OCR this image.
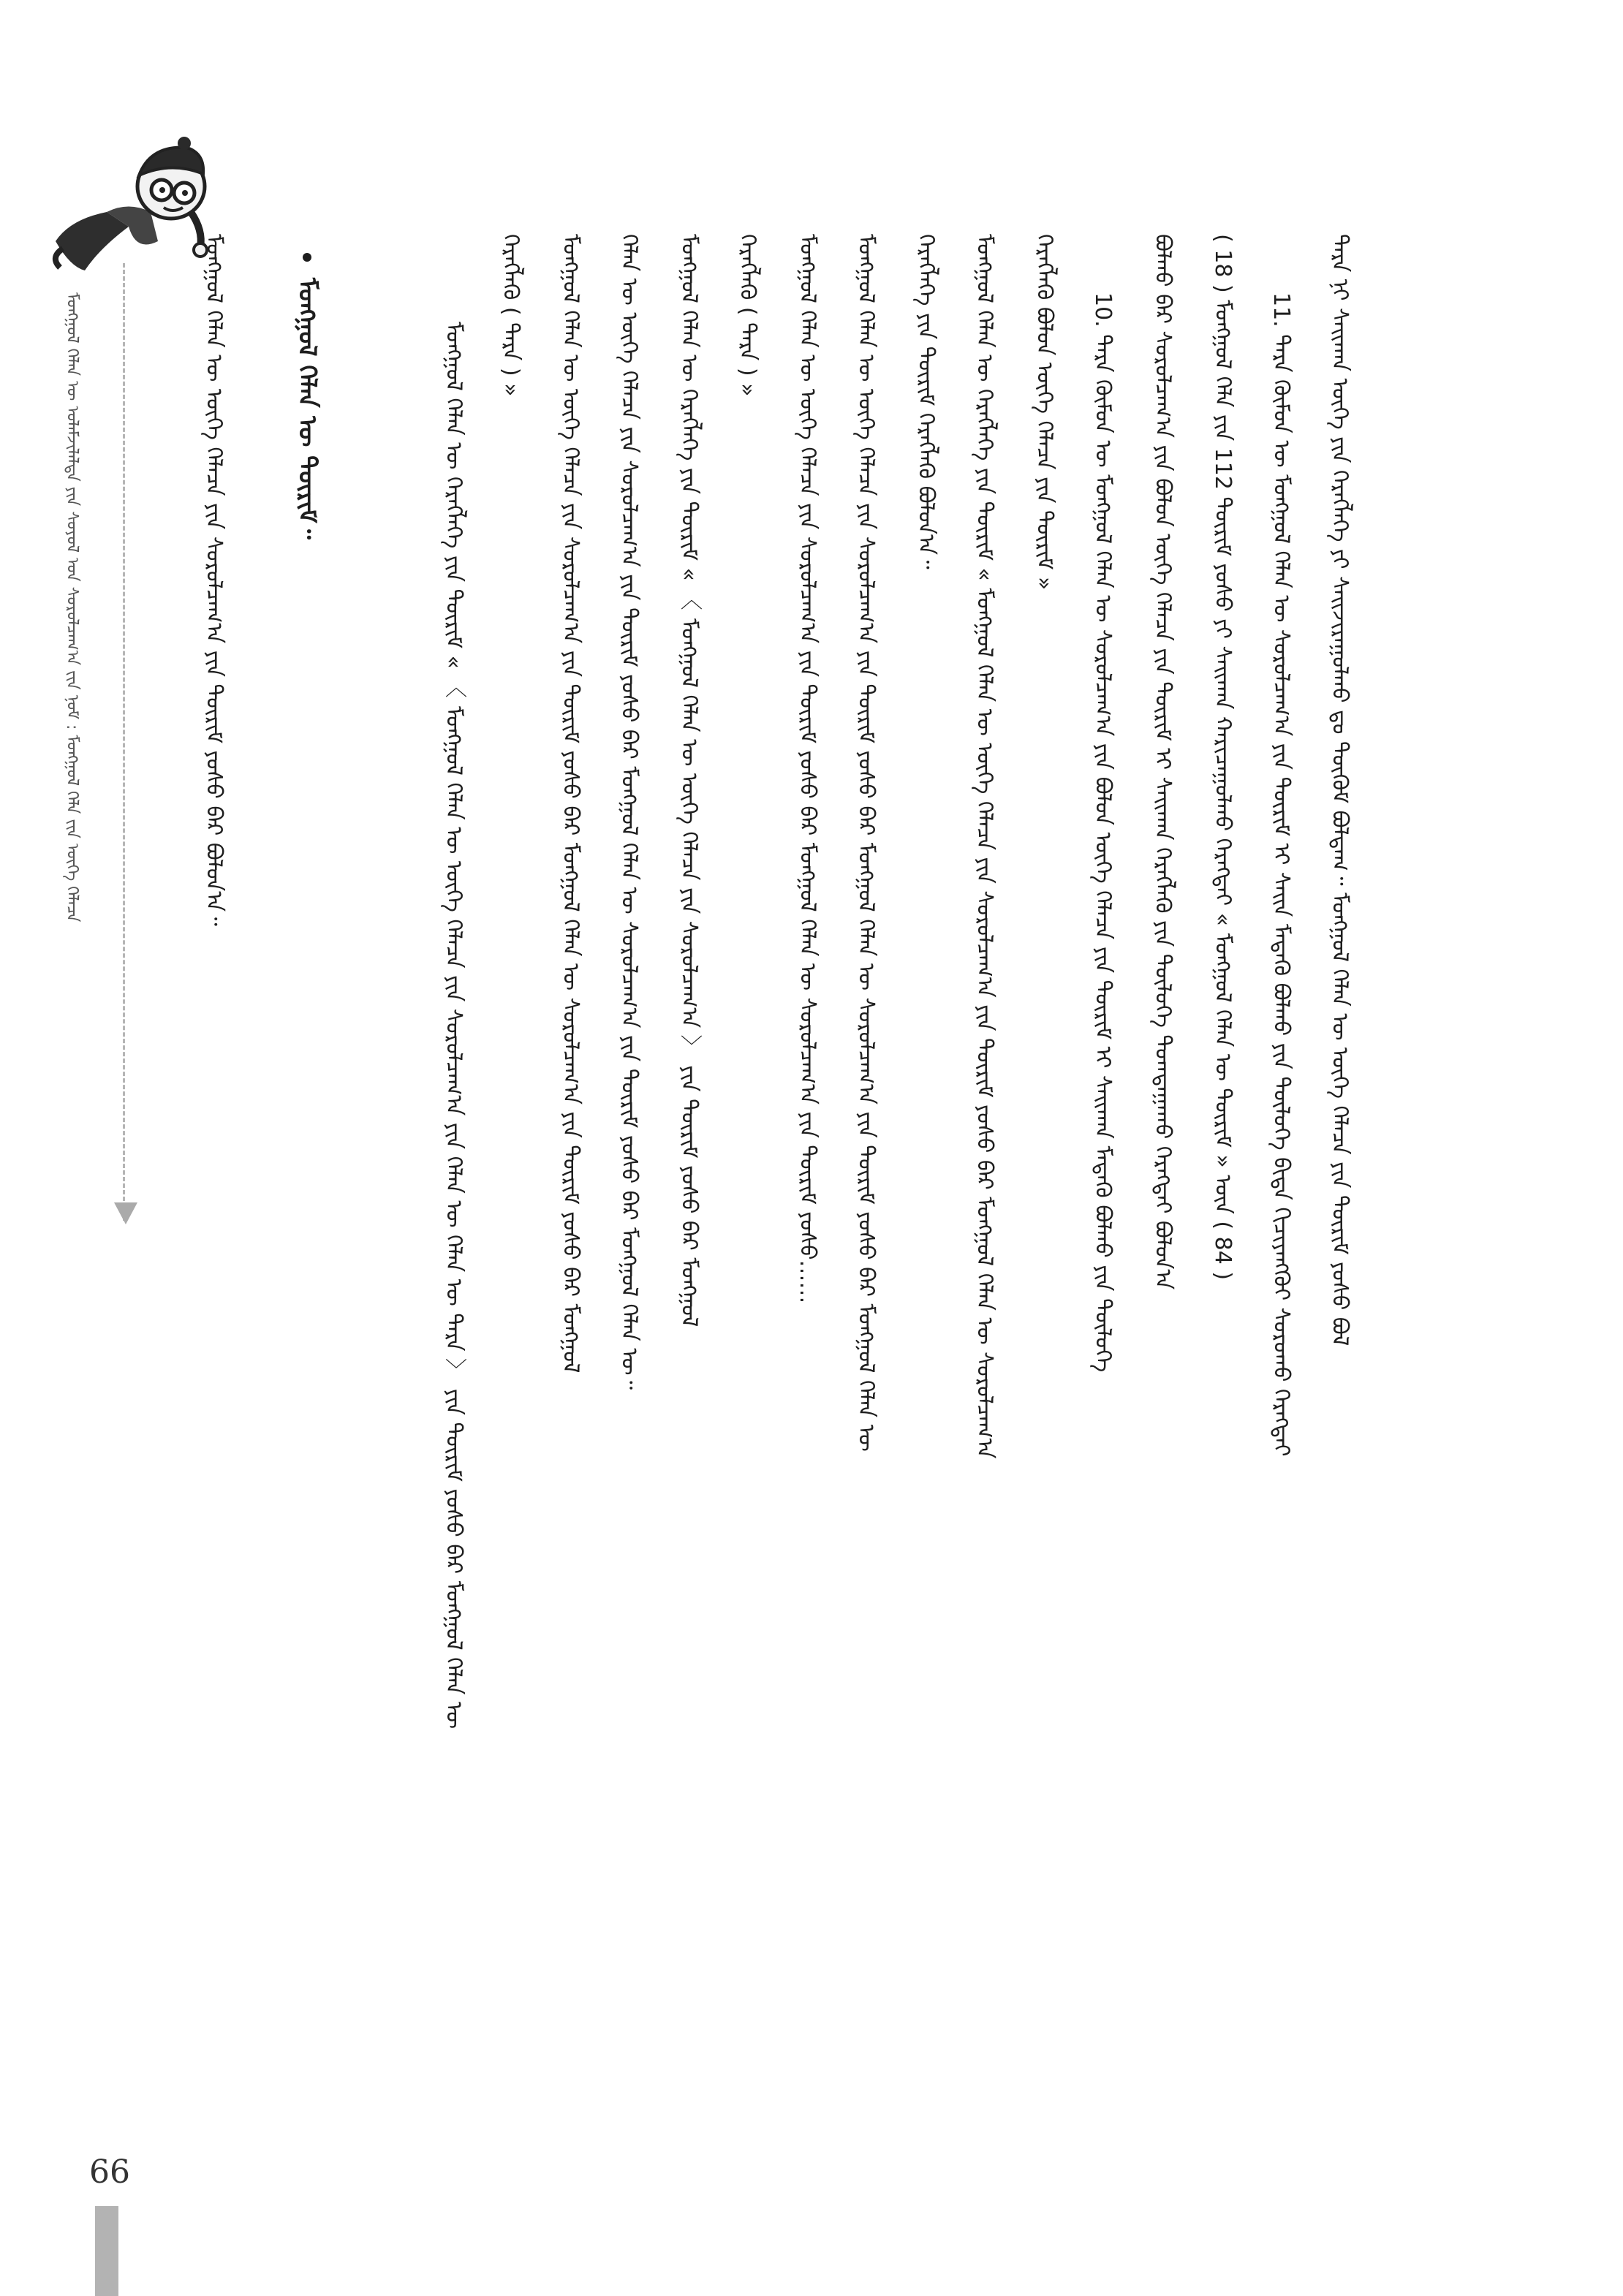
ᠮᠣᠩᠭᠣᠯ ᠬᠡᠯᠡᠨ ᠦ ᠤᠯᠠᠮᠵᠢᠯᠠᠯᠲᠠ ᠶᠢᠨ ᠰᠣᠶᠣᠯ ᠤᠨ ᠰᠤᠷᠤᠯᠴᠠᠭ᠎ᠠ ᠵᠢᠨ ᠨᠣᠮ : ᠮᠣᠩᠭᠣᠯ ᠬᠡᠯᠡ ᠵᠢᠨ ᠦᠭᠡ ᠬᠡᠯᠡᠴᠡ	ᠮᠣᠩᠭᠣᠯ ᠬᠡᠯᠡᠨ ᠦ ᠦᠭᠡ ᠬᠡᠯᠡᠴᠡ ᠶᠢᠨ ᠰᠤᠷᠤᠯᠴᠠᠭ᠎ᠠ ᠶᠢᠨ ᠳᠦᠷᠢᠮ ᠶᠣᠰᠣ ᠪᠠᠷ ᠪᠣᠯᠤᠨ᠎ᠠ᠃	ᠮᠣᠩᠭᠣᠯ ᠬᠡᠯᠡᠨ ᠦ ᠳᠦᠷᠢᠮ᠃	ᠮᠣᠩᠭᠣᠯ ᠬᠡᠯᠡᠨ ᠦ ᠬᠡᠷᠡᠭᠯᠡᠭᠡ ᠶᠢᠨ ᠳᠦᠷᠢᠮ « 〈 ᠮᠣᠩᠭᠣᠯ ᠬᠡᠯᠡᠨ ᠦ ᠦᠭᠡ ᠬᠡᠯᠡᠴᠡ ᠶᠢᠨ ᠰᠤᠷᠤᠯᠴᠠᠭ᠎ᠠ ᠶᠢᠨ ᠬᠡᠯᠡᠨ ᠦ ᠬᠡᠯᠡᠨ ᠦ ᠲᠡᠷᠡ 〉 ᠶᠢᠨ ᠳᠦᠷᠢᠮ ᠶᠣᠰᠣ ᠪᠠᠷ ᠮᠣᠩᠭᠣᠯ ᠬᠡᠯᠡᠨ ᠦ
ᠬᠡᠷᠡᠭᠯᠡᠬᠦ ( ᠲᠡᠷᠡ ) » ᠮᠣᠩᠭᠣᠯ ᠬᠡᠯᠡᠨ ᠦ ᠦᠭᠡ ᠬᠡᠯᠡᠴᠡ ᠶᠢᠨ ᠰᠤᠷᠤᠯᠴᠠᠭ᠎ᠠ ᠶᠢᠨ ᠳᠦᠷᠢᠮ ᠶᠣᠰᠣ ᠪᠠᠷ ᠮᠣᠩᠭᠣᠯ ᠬᠡᠯᠡᠨ ᠦ ᠰᠤᠷᠤᠯᠴᠠᠭ᠎ᠠ ᠶᠢᠨ ᠳᠦᠷᠢᠮ ᠶᠣᠰᠣ ᠪᠠᠷ ᠮᠣᠩᠭᠣᠯ ᠬᠡᠯᠡᠨ ᠦ ᠦᠭᠡ ᠬᠡᠯᠡᠴᠡ ᠶᠢᠨ ᠰᠤᠷᠤᠯᠴᠠᠭ᠎ᠠ ᠶᠢᠨ ᠳᠦᠷᠢᠮ ᠶᠣᠰᠣ ᠪᠠᠷ ᠮᠣᠩᠭᠣᠯ ᠬᠡᠯᠡᠨ ᠦ ᠰᠤᠷᠤᠯᠴᠠᠭ᠎ᠠ ᠶᠢᠨ ᠳᠦᠷᠢᠮ ᠶᠣᠰᠣ ᠪᠠᠷ ᠮᠣᠩᠭᠣᠯ ᠬᠡᠯᠡᠨ ᠦ᠃ ᠮᠣᠩᠭᠣᠯ ᠬᠡᠯᠡᠨ ᠦ ᠬᠡᠷᠡᠭᠯᠡᠭᠡ ᠶᠢᠨ ᠳᠦᠷᠢᠮ « 〈 ᠮᠣᠩᠭᠣᠯ ᠬᠡᠯᠡᠨ ᠦ ᠦᠭᠡ ᠬᠡᠯᠡᠴᠡ ᠶᠢᠨ ᠰᠤᠷᠤᠯᠴᠠᠭ᠎ᠠ 〉 ᠶᠢᠨ ᠳᠦᠷᠢᠮ ᠶᠣᠰᠣ ᠪᠠᠷ ᠮᠣᠩᠭᠣᠯ ᠬᠡᠷᠡᠭᠯᠡᠬᠦ ( ᠲᠡᠷᠡ ) » ᠮᠣᠩᠭᠣᠯ ᠬᠡᠯᠡᠨ ᠦ ᠦᠭᠡ ᠬᠡᠯᠡᠴᠡ ᠶᠢᠨ ᠰᠤᠷᠤᠯᠴᠠᠭ᠎ᠠ ᠶᠢᠨ ᠳᠦᠷᠢᠮ ᠶᠣᠰᠣ ᠪᠠᠷ ᠮᠣᠩᠭᠣᠯ ᠬᠡᠯᠡᠨ ᠦ ᠰᠤᠷᠤᠯᠴᠠᠭ᠎ᠠ ᠶᠢᠨ ᠳᠦᠷᠢᠮ ᠶᠣᠰᠣ…… ᠮᠣᠩᠭᠣᠯ ᠬᠡᠯᠡᠨ ᠦ ᠦᠭᠡ ᠬᠡᠯᠡᠴᠡ ᠶᠢᠨ ᠰᠤᠷᠤᠯᠴᠠᠭ᠎ᠠ ᠶᠢᠨ ᠳᠦᠷᠢᠮ ᠶᠣᠰᠣ ᠪᠠᠷ ᠮᠣᠩᠭᠣᠯ ᠬᠡᠯᠡᠨ ᠦ ᠰᠤᠷᠤᠯᠴᠠᠭ᠎ᠠ ᠶᠢᠨ ᠳᠦᠷᠢᠮ ᠶᠣᠰᠣ ᠪᠠᠷ ᠮᠣᠩᠭᠣᠯ ᠬᠡᠯᠡᠨ ᠦ ᠬᠡᠷᠡᠭᠯᠡᠭᠡ ᠶᠢᠨ ᠳᠦᠷᠢᠮ ᠬᠡᠷᠡᠭᠯᠡᠬᠦ ᠪᠣᠯᠤᠨ᠎ᠠ᠃ ᠮᠣᠩᠭᠣᠯ ᠬᠡᠯᠡᠨ ᠦ ᠬᠡᠷᠡᠭᠯᠡᠭᠡ ᠶᠢᠨ ᠳᠦᠷᠢᠮ « ᠮᠣᠩᠭᠣᠯ ᠬᠡᠯᠡᠨ ᠦ ᠦᠭᠡ ᠬᠡᠯᠡᠴᠡ ᠶᠢᠨ ᠰᠤᠷᠤᠯᠴᠠᠭ᠎ᠠ ᠶᠢᠨ ᠳᠦᠷᠢᠮ ᠶᠣᠰᠣ ᠪᠠᠷ ᠮᠣᠩᠭᠣᠯ ᠬᠡᠯᠡᠨ ᠦ ᠰᠤᠷᠤᠯᠴᠠᠭ᠎ᠠ ᠬᠡᠷᠡᠭᠯᠡᠬᠦ ᠪᠣᠯᠤᠨ ᠦᠭᠡ ᠬᠡᠯᠡᠴᠡ ᠶᠢᠨ ᠳᠦᠷᠢᠮ » 10. ᠲᠡᠷᠡ ᠬᠦᠮᠦᠨ ᠦ ᠮᠣᠩᠭᠣᠯ ᠬᠡᠯᠡᠨ ᠦ ᠰᠤᠷᠤᠯᠴᠠᠭ᠎ᠠ ᠶᠢᠨ ᠪᠣᠯᠤᠨ ᠦᠭᠡ ᠬᠡᠯᠡᠴᠡ ᠶᠢᠨ ᠳᠦᠷᠢᠮ ᠢ ᠰᠠᠢᠬᠠᠨ ᠮᠡᠳᠡᠬᠦ ᠪᠣᠯᠬᠤ ᠶᠢᠨ ᠲᠥᠯᠥᠭᠡ ᠪᠣᠯᠬᠤ ᠪᠠᠷ ᠰᠤᠷᠤᠯᠴᠠᠭ᠎ᠠ ᠶᠢᠨ ᠪᠣᠯᠤᠨ ᠦᠭᠡ ᠬᠡᠯᠡᠴᠡ ᠶᠢᠨ ᠳᠦᠷᠢᠮ ᠢ ᠰᠠᠢᠬᠠᠨ ᠬᠡᠷᠡᠭᠯᠡᠬᠦ ᠶᠢᠨ ᠲᠥᠯᠥᠭᠡ ᠲᠣᠭᠲᠠᠭᠠᠬᠤ ᠬᠡᠷᠡᠭᠲᠡᠢ ᠪᠣᠯᠤᠨ᠎ᠠ ( 18 ) ᠮᠣᠩᠭᠣᠯ ᠬᠡᠯᠡ ᠶᠢᠨ 112 ᠳᠦᠷᠢᠮ ᠶᠣᠰᠣ ᠶᠢ ᠰᠠᠢᠬᠠᠨ ᠬᠠᠷᠢᠴᠠᠭᠤᠯᠬᠤ ᠬᠡᠷᠡᠭᠲᠡᠢ « ᠮᠣᠩᠭᠣᠯ ᠬᠡᠯᠡᠨ ᠦ ᠳᠦᠷᠢᠮ » ᠦᠨ ( 84 ) 11. ᠲᠡᠷᠡ ᠬᠦᠮᠦᠨ ᠦ ᠮᠣᠩᠭᠣᠯ ᠬᠡᠯᠡᠨ ᠦ ᠰᠤᠷᠤᠯᠴᠠᠭ᠎ᠠ ᠶᠢᠨ ᠳᠦᠷᠢᠮ ᠢ ᠰᠠᠢᠨ ᠮᠡᠳᠡᠬᠦ ᠪᠣᠯᠬᠤ ᠶᠢᠨ ᠲᠥᠯᠥᠭᠡ ᠪᠢᠳᠡ ᠬᠢᠴᠢᠶᠡᠩᠭᠦᠢ ᠰᠤᠷᠤᠬᠤ ᠬᠡᠷᠡᠭᠲᠡᠢ ᠲᠡᠷᠡ ᠨᠢ ᠰᠠᠢᠬᠠᠨ ᠦᠭᠡ ᠶᠢᠨ ᠬᠡᠷᠡᠭᠯᠡᠭᠡ ᠶᠢ ᠰᠠᠢᠵᠢᠷᠠᠭᠤᠯᠬᠤ ᠳᠤ ᠳᠥᠭᠥᠮ ᠪᠣᠯᠳᠠᠭ᠃ ᠮᠣᠩᠭᠣᠯ ᠬᠡᠯᠡᠨ ᠦ ᠦᠭᠡ ᠬᠡᠯᠡᠴᠡ ᠶᠢᠨ ᠳᠦᠷᠢᠮ ᠶᠣᠰᠣ ᠪᠣᠯ
66
